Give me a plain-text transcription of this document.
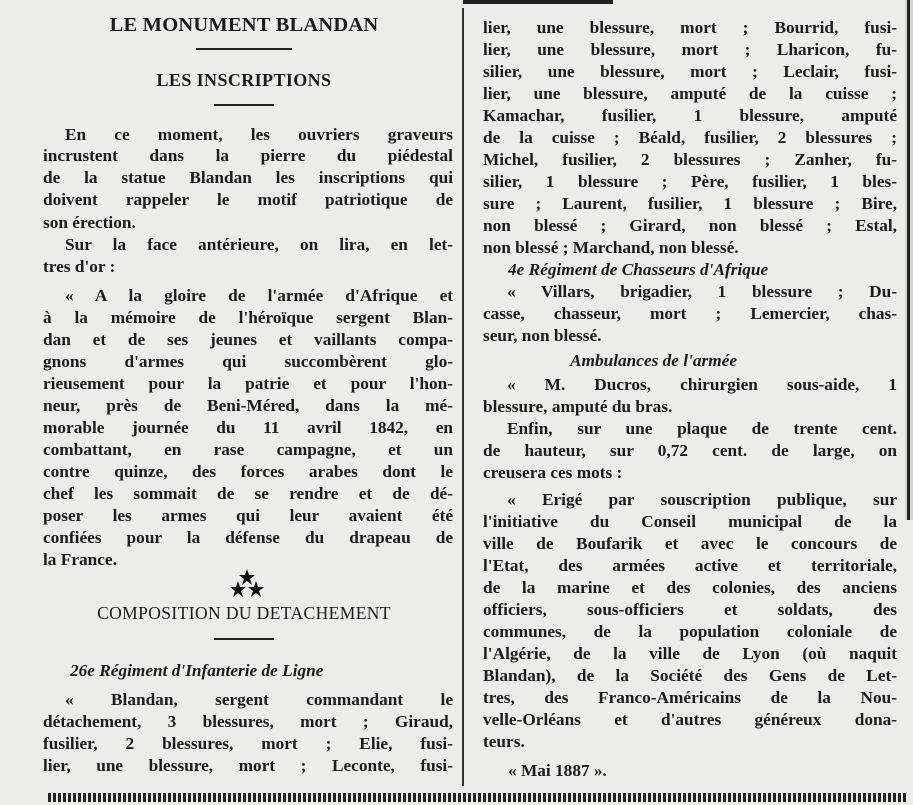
LE MONUMENT BLANDAN
LES INSCRIPTIONS
COMPOSITION DU DETACHEMENT
En ce moment, les ouvriers graveurs
incrustent dans la pierre du piédestal
de la statue Blandan les inscriptions qui
doivent rappeler le motif patriotique de
son érection.
Sur la face antérieure, on lira, en let-
tres d'or :
« A la gloire de l'armée d'Afrique et
à la mémoire de l'héroïque sergent Blan-
dan et de ses jeunes et vaillants compa-
gnons d'armes qui succombèrent glo-
rieusement pour la patrie et pour l'hon-
neur, près de Beni-Méred, dans la mé-
morable journée du 11 avril 1842, en
combattant, en rase campagne, et un
contre quinze, des forces arabes dont le
chef les sommait de se rendre et de dé-
poser les armes qui leur avaient été
confiées pour la défense du drapeau de
la France.
26e Régiment d'Infanterie de Ligne
« Blandan, sergent commandant le
détachement, 3 blessures, mort ; Giraud,
fusilier, 2 blessures, mort ; Elie, fusi-
lier, une blessure, mort ; Leconte, fusi-
lier, une blessure, mort ; Bourrid, fusi-
lier, une blessure, mort ; Lharicon, fu-
silier, une blessure, mort ; Leclair, fusi-
lier, une blessure, amputé de la cuisse ;
Kamachar, fusilier, 1 blessure, amputé
de la cuisse ; Béald, fusilier, 2 blessures ;
Michel, fusilier, 2 blessures ; Zanher, fu-
silier, 1 blessure ; Père, fusilier, 1 bles-
sure ; Laurent, fusilier, 1 blessure ; Bire,
non blessé ; Girard, non blessé ; Estal,
non blessé ; Marchand, non blessé.
4e Régiment de Chasseurs d'Afrique
« Villars, brigadier, 1 blessure ; Du-
casse, chasseur, mort ; Lemercier, chas-
seur, non blessé.
Ambulances de l'armée
« M. Ducros, chirurgien sous-aide, 1
blessure, amputé du bras.
Enfin, sur une plaque de trente cent.
de hauteur, sur 0,72 cent. de large, on
creusera ces mots :
« Erigé par souscription publique, sur
l'initiative du Conseil municipal de la
ville de Boufarik et avec le concours de
l'Etat, des armées active et territoriale,
de la marine et des colonies, des anciens
officiers, sous-officiers et soldats, des
communes, de la population coloniale de
l'Algérie, de la ville de Lyon (où naquit
Blandan), de la Société des Gens de Let-
tres, des Franco-Américains de la Nou-
velle-Orléans et d'autres généreux dona-
teurs.
« Mai 1887 ».
